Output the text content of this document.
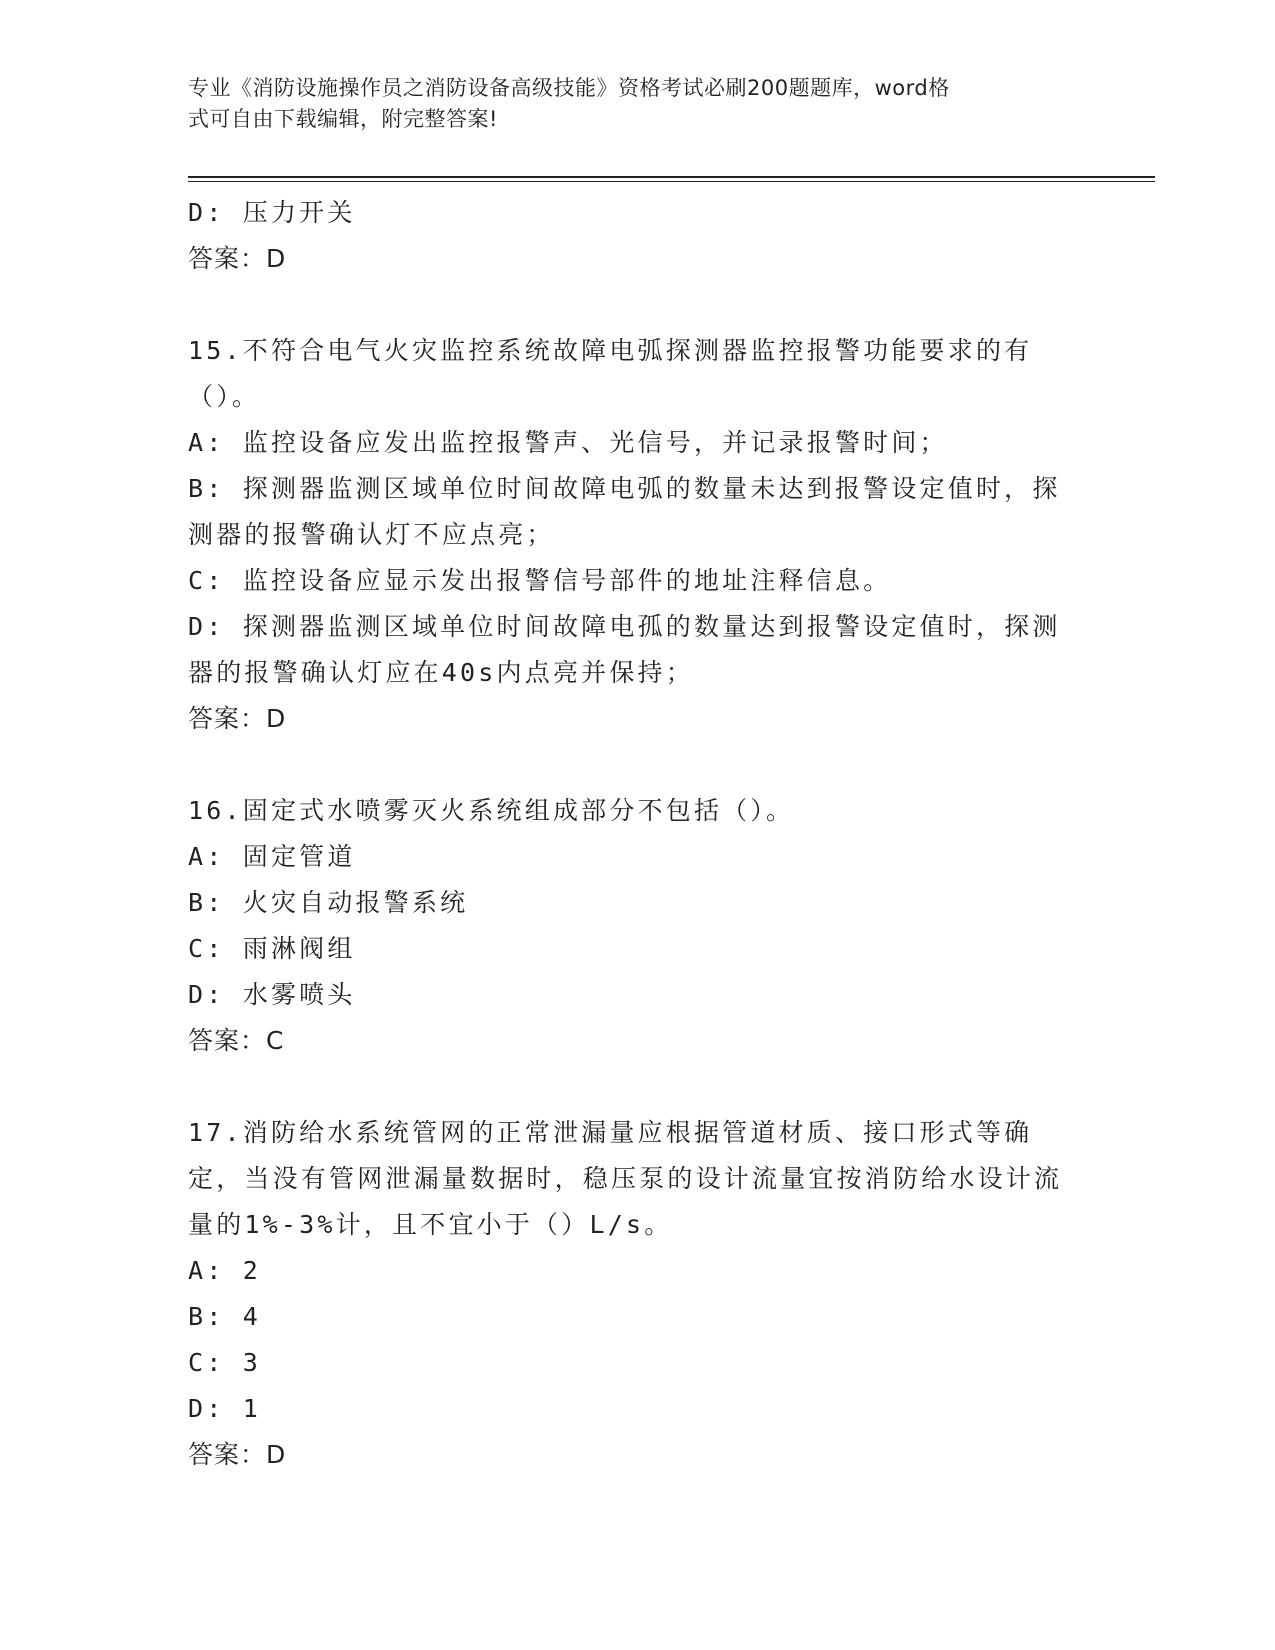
专业《消防设施操作员之消防设备高级技能》资格考试必刷200题题库，word格
式可自由下载编辑，附完整答案!
D: 压力开关
答案：D
15.不符合电气火灾监控系统故障电弧探测器监控报警功能要求的有（）。
A: 监控设备应发出监控报警声、光信号，并记录报警时间；
B: 探测器监测区域单位时间故障电弧的数量未达到报警设定值时，探测器的报警确认灯不应点亮；
C: 监控设备应显示发出报警信号部件的地址注释信息。
D: 探测器监测区域单位时间故障电孤的数量达到报警设定值时，探测器的报警确认灯应在40s内点亮并保持；
答案：D
16.固定式水喷雾灭火系统组成部分不包括（）。
A: 固定管道
B: 火灾自动报警系统
C: 雨淋阀组
D: 水雾喷头
答案：C
17.消防给水系统管网的正常泄漏量应根据管道材质、接口形式等确定，当没有管网泄漏量数据时，稳压泵的设计流量宜按消防给水设计流量的1%-3%计，且不宜小于（）L/s。
A: 2
B: 4
C: 3
D: 1
答案：D
